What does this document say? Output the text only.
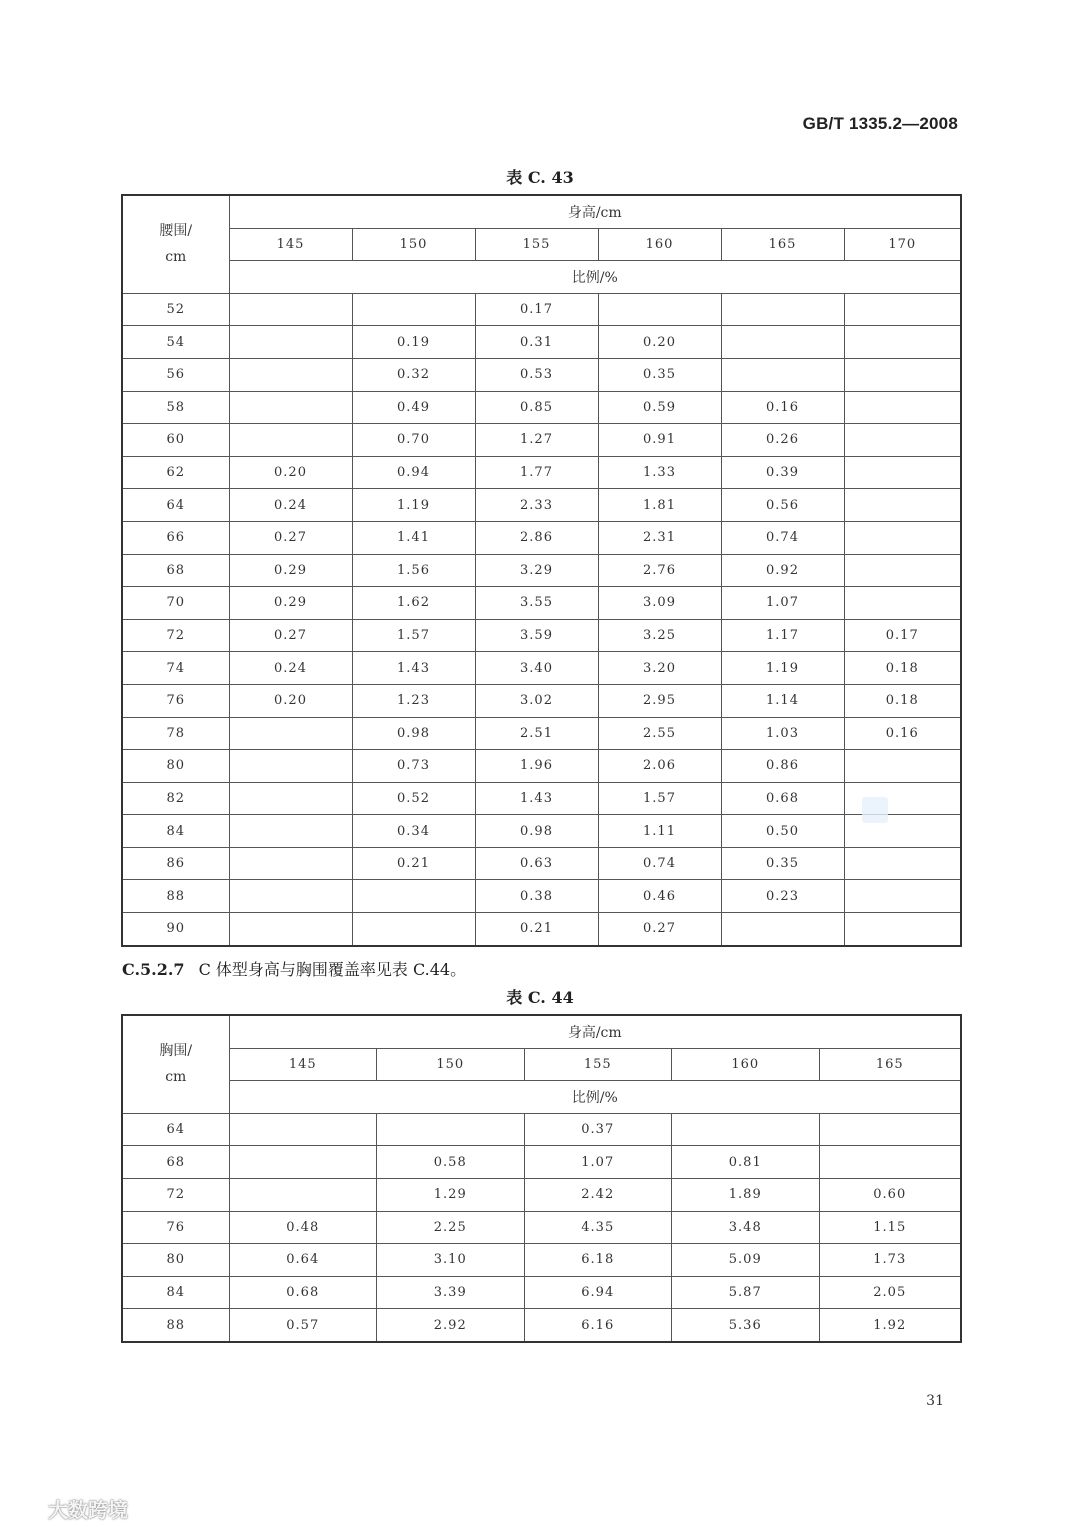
GB/T 1335.2—2008
表 C. 43
腰围/
cm	身高/cm					
	145	150	155	160	165	170
	比例/%					
52			0.17			
54		0.19	0.31	0.20		
56		0.32	0.53	0.35		
58		0.49	0.85	0.59	0.16	
60		0.70	1.27	0.91	0.26	
62	0.20	0.94	1.77	1.33	0.39	
64	0.24	1.19	2.33	1.81	0.56	
66	0.27	1.41	2.86	2.31	0.74	
68	0.29	1.56	3.29	2.76	0.92	
70	0.29	1.62	3.55	3.09	1.07	
72	0.27	1.57	3.59	3.25	1.17	0.17
74	0.24	1.43	3.40	3.20	1.19	0.18
76	0.20	1.23	3.02	2.95	1.14	0.18
78		0.98	2.51	2.55	1.03	0.16
80		0.73	1.96	2.06	0.86	
82		0.52	1.43	1.57	0.68	
84		0.34	0.98	1.11	0.50	
86		0.21	0.63	0.74	0.35	
88			0.38	0.46	0.23	
90			0.21	0.27		
C.5.2.7 C 体型身高与胸围覆盖率见表 C.44。
表 C. 44
胸围/
cm	身高/cm				
	145	150	155	160	165
	比例/%				
64			0.37		
68		0.58	1.07	0.81	
72		1.29	2.42	1.89	0.60
76	0.48	2.25	4.35	3.48	1.15
80	0.64	3.10	6.18	5.09	1.73
84	0.68	3.39	6.94	5.87	2.05
88	0.57	2.92	6.16	5.36	1.92
31
大数跨境
